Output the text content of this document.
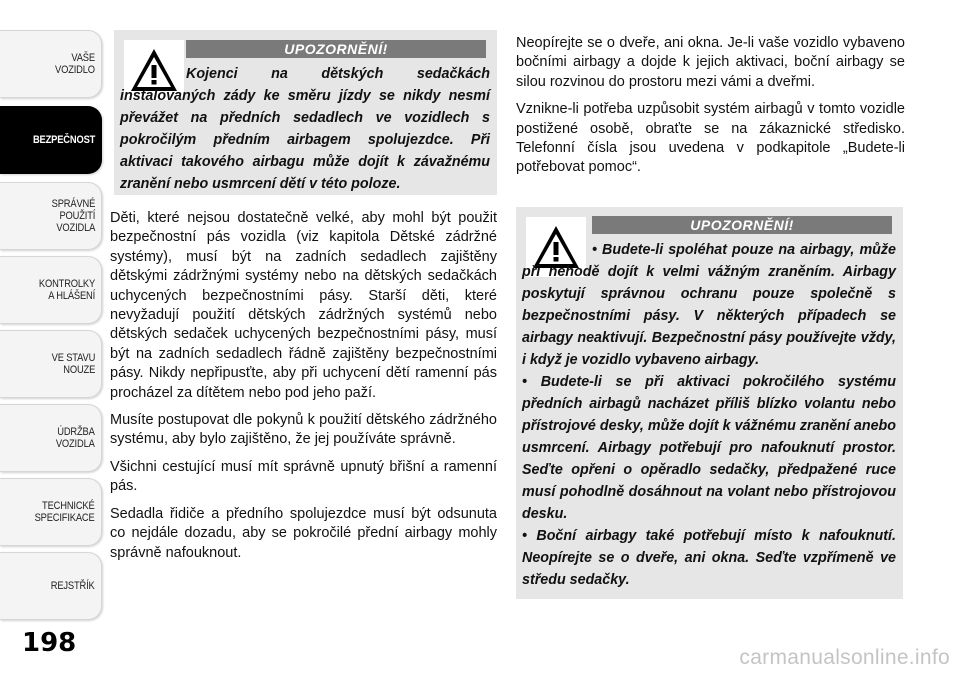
VAŠE
VOZIDLO
BEZPEČNOST
SPRÁVNÉ
POUŽITÍ
VOZIDLA
KONTROLKY
A HLÁŠENÍ
VE STAVU
NOUZE
ÚDRŽBA
VOZIDLA
TECHNICKÉ
SPECIFIKACE
REJSTŘÍK
198
UPOZORNĚNÍ!

Kojenci na dětských sedačkách instalovaných zády ke směru jízdy se nikdy nesmí převážet na předních sedadlech ve vozidlech s pokročilým předním airbagem spolujezdce. Při aktivaci takového airbagu může dojít k závažnému zranění nebo usmrcení dětí v této poloze.

Děti, které nejsou dostatečně velké, aby mohl být použit bezpečnostní pás vozidla (viz kapitola Dětské zádržné systémy), musí být na zadních sedadlech zajištěny dětskými zádržnými systémy nebo na dětských sedačkách uchycených bezpečnostními pásy. Starší děti, které nevyžadují použití dětských zádržných systémů nebo dětských sedaček uchycených bezpečnostními pásy, musí být na zadních sedadlech řádně zajištěny bezpečnostními pásy. Nikdy nepřipusťte, aby při uchycení dětí ramenní pás procházel za dítětem nebo pod jeho paží.

Musíte postupovat dle pokynů k použití dětského zádržného systému, aby bylo zajištěno, že jej používáte správně.

Všichni cestující musí mít správně upnutý břišní a ramenní pás.

Sedadla řidiče a předního spolujezdce musí být odsunuta co nejdále dozadu, aby se pokročilé přední airbagy mohly správně nafouknout.

Neopírejte se o dveře, ani okna. Je-li vaše vozidlo vybaveno bočními airbagy a dojde k jejich aktivaci, boční airbagy se silou rozvinou do prostoru mezi vámi a dveřmi.

Vznikne-li potřeba uzpůsobit systém airbagů v tomto vozidle postižené osobě, obraťte se na zákaznické středisko. Telefonní čísla jsou uvedena v podkapitole „Budete-li potřebovat pomoc“.

UPOZORNĚNÍ!

• Budete-li spoléhat pouze na airbagy, může při nehodě dojít k velmi vážným zraněním. Airbagy poskytují správnou ochranu pouze společně s bezpečnostními pásy. V některých případech se airbagy neaktivují. Bezpečnostní pásy používejte vždy, i když je vozidlo vybaveno airbagy.

• Budete-li se při aktivaci pokročilého systému předních airbagů nacházet příliš blízko volantu nebo přístrojové desky, může dojít k vážnému zranění anebo usmrcení. Airbagy potřebují pro nafouknutí prostor. Seďte opřeni o opěradlo sedačky, předpažené ruce musí pohodlně dosáhnout na volant nebo přístrojovou desku.

• Boční airbagy také potřebují místo k nafouknutí. Neopírejte se o dveře, ani okna. Seďte vzpřímeně ve středu sedačky.

carmanualsonline.info
